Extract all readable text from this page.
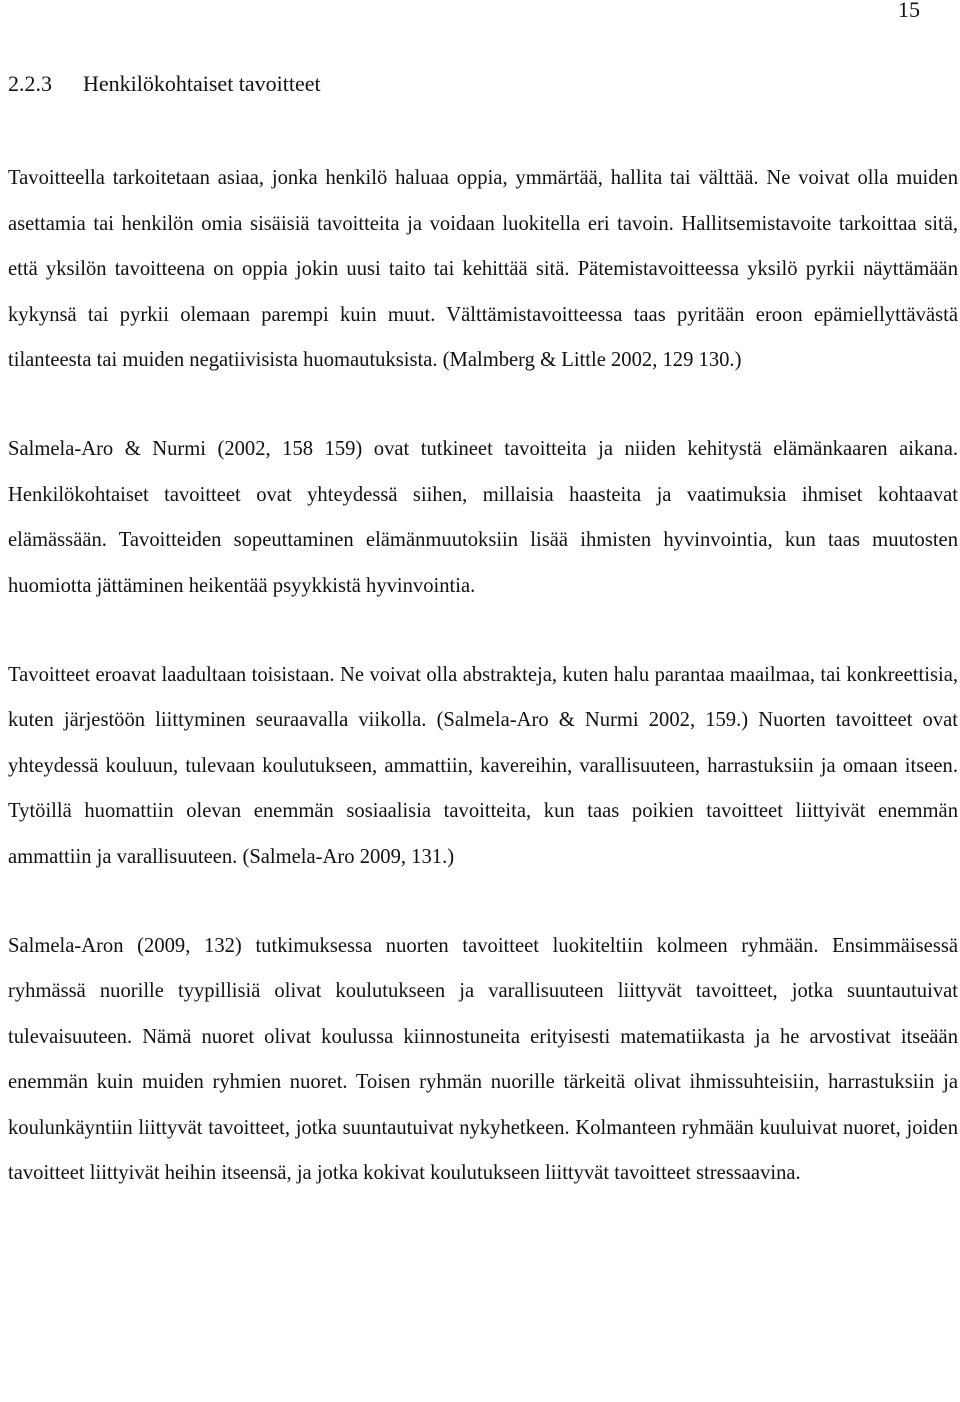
15
2.2.3 Henkilökohtaiset tavoitteet

Tavoitteella tarkoitetaan asiaa, jonka henkilö haluaa oppia, ymmärtää, hallita tai välttää. Ne voivat olla muiden asettamia tai henkilön omia sisäisiä tavoitteita ja voidaan luokitella eri tavoin. Hallitsemistavoite tarkoittaa sitä, että yksilön tavoitteena on oppia jokin uusi taito tai kehittää sitä. Pätemistavoitteessa yksilö pyrkii näyttämään kykynsä tai pyrkii olemaan parempi kuin muut. Välttämistavoitteessa taas pyritään eroon epämiellyttävästä tilanteesta tai muiden negatiivisista huomautuksista. (Malmberg & Little 2002, 129 130.)

Salmela-Aro & Nurmi (2002, 158 159) ovat tutkineet tavoitteita ja niiden kehitystä elämänkaaren aikana. Henkilökohtaiset tavoitteet ovat yhteydessä siihen, millaisia haasteita ja vaatimuksia ihmiset kohtaavat elämässään. Tavoitteiden sopeuttaminen elämänmuutoksiin lisää ihmisten hyvinvointia, kun taas muutosten huomiotta jättäminen heikentää psyykkistä hyvinvointia.

Tavoitteet eroavat laadultaan toisistaan. Ne voivat olla abstrakteja, kuten halu parantaa maailmaa, tai konkreettisia, kuten järjestöön liittyminen seuraavalla viikolla. (Salmela-Aro & Nurmi 2002, 159.) Nuorten tavoitteet ovat yhteydessä kouluun, tulevaan koulutukseen, ammattiin, kavereihin, varallisuuteen, harrastuksiin ja omaan itseen. Tytöillä huomattiin olevan enemmän sosiaalisia tavoitteita, kun taas poikien tavoitteet liittyivät enemmän ammattiin ja varallisuuteen. (Salmela-Aro 2009, 131.)

Salmela-Aron (2009, 132) tutkimuksessa nuorten tavoitteet luokiteltiin kolmeen ryhmään. Ensimmäisessä ryhmässä nuorille tyypillisiä olivat koulutukseen ja varallisuuteen liittyvät tavoitteet, jotka suuntautuivat tulevaisuuteen. Nämä nuoret olivat koulussa kiinnostuneita erityisesti matematiikasta ja he arvostivat itseään enemmän kuin muiden ryhmien nuoret. Toisen ryhmän nuorille tärkeitä olivat ihmissuhteisiin, harrastuksiin ja koulunkäyntiin liittyvät tavoitteet, jotka suuntautuivat nykyhetkeen. Kolmanteen ryhmään kuuluivat nuoret, joiden tavoitteet liittyivät heihin itseensä, ja jotka kokivat koulutukseen liittyvät tavoitteet stressaavina.
